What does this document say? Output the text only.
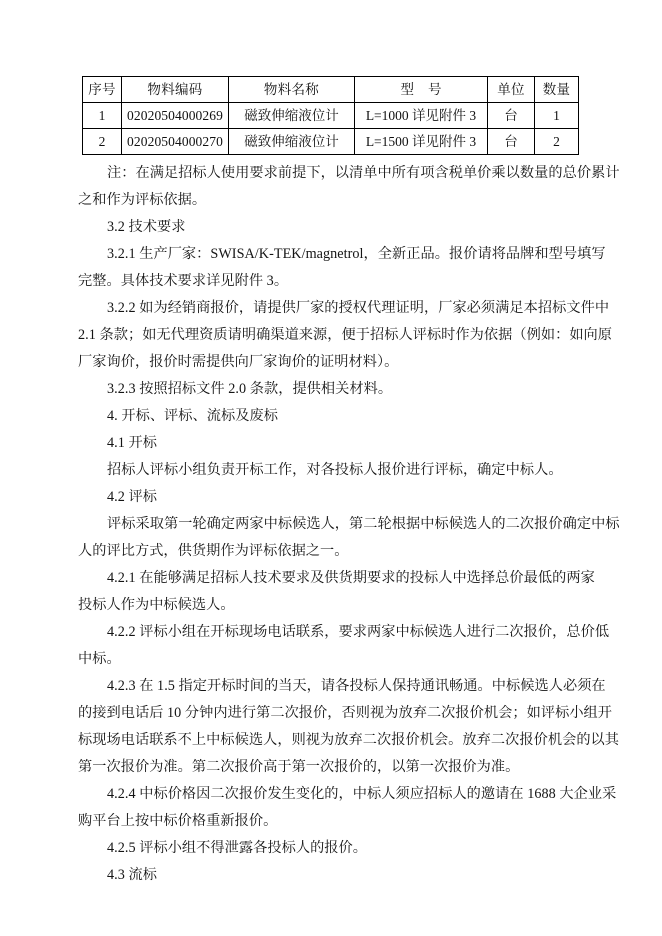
序号	物料编码	物料名称	型 号	单位	数量
1	02020504000269	磁致伸缩液位计	L=1000 详见附件 3	台	1
2	02020504000270	磁致伸缩液位计	L=1500 详见附件 3	台	2

注：在满足招标人使用要求前提下，以清单中所有项含税单价乘以数量的总价累计

之和作为评标依据。

3.2 技术要求

3.2.1 生产厂家：SWISA/K-TEK/magnetrol，全新正品。报价请将品牌和型号填写

完整。具体技术要求详见附件 3。

3.2.2 如为经销商报价，请提供厂家的授权代理证明，厂家必须满足本招标文件中

2.1 条款；如无代理资质请明确渠道来源，便于招标人评标时作为依据（例如：如向原

厂家询价，报价时需提供向厂家询价的证明材料）。

3.2.3 按照招标文件 2.0 条款，提供相关材料。

4. 开标、评标、流标及废标

4.1 开标

招标人评标小组负责开标工作，对各投标人报价进行评标，确定中标人。

4.2 评标

评标采取第一轮确定两家中标候选人，第二轮根据中标候选人的二次报价确定中标

人的评比方式，供货期作为评标依据之一。

4.2.1 在能够满足招标人技术要求及供货期要求的投标人中选择总价最低的两家

投标人作为中标候选人。

4.2.2 评标小组在开标现场电话联系，要求两家中标候选人进行二次报价，总价低

中标。

4.2.3 在 1.5 指定开标时间的当天，请各投标人保持通讯畅通。中标候选人必须在

的接到电话后 10 分钟内进行第二次报价，否则视为放弃二次报价机会；如评标小组开

标现场电话联系不上中标候选人，则视为放弃二次报价机会。放弃二次报价机会的以其

第一次报价为准。第二次报价高于第一次报价的，以第一次报价为准。

4.2.4 中标价格因二次报价发生变化的，中标人须应招标人的邀请在 1688 大企业采

购平台上按中标价格重新报价。

4.2.5 评标小组不得泄露各投标人的报价。

4.3 流标
